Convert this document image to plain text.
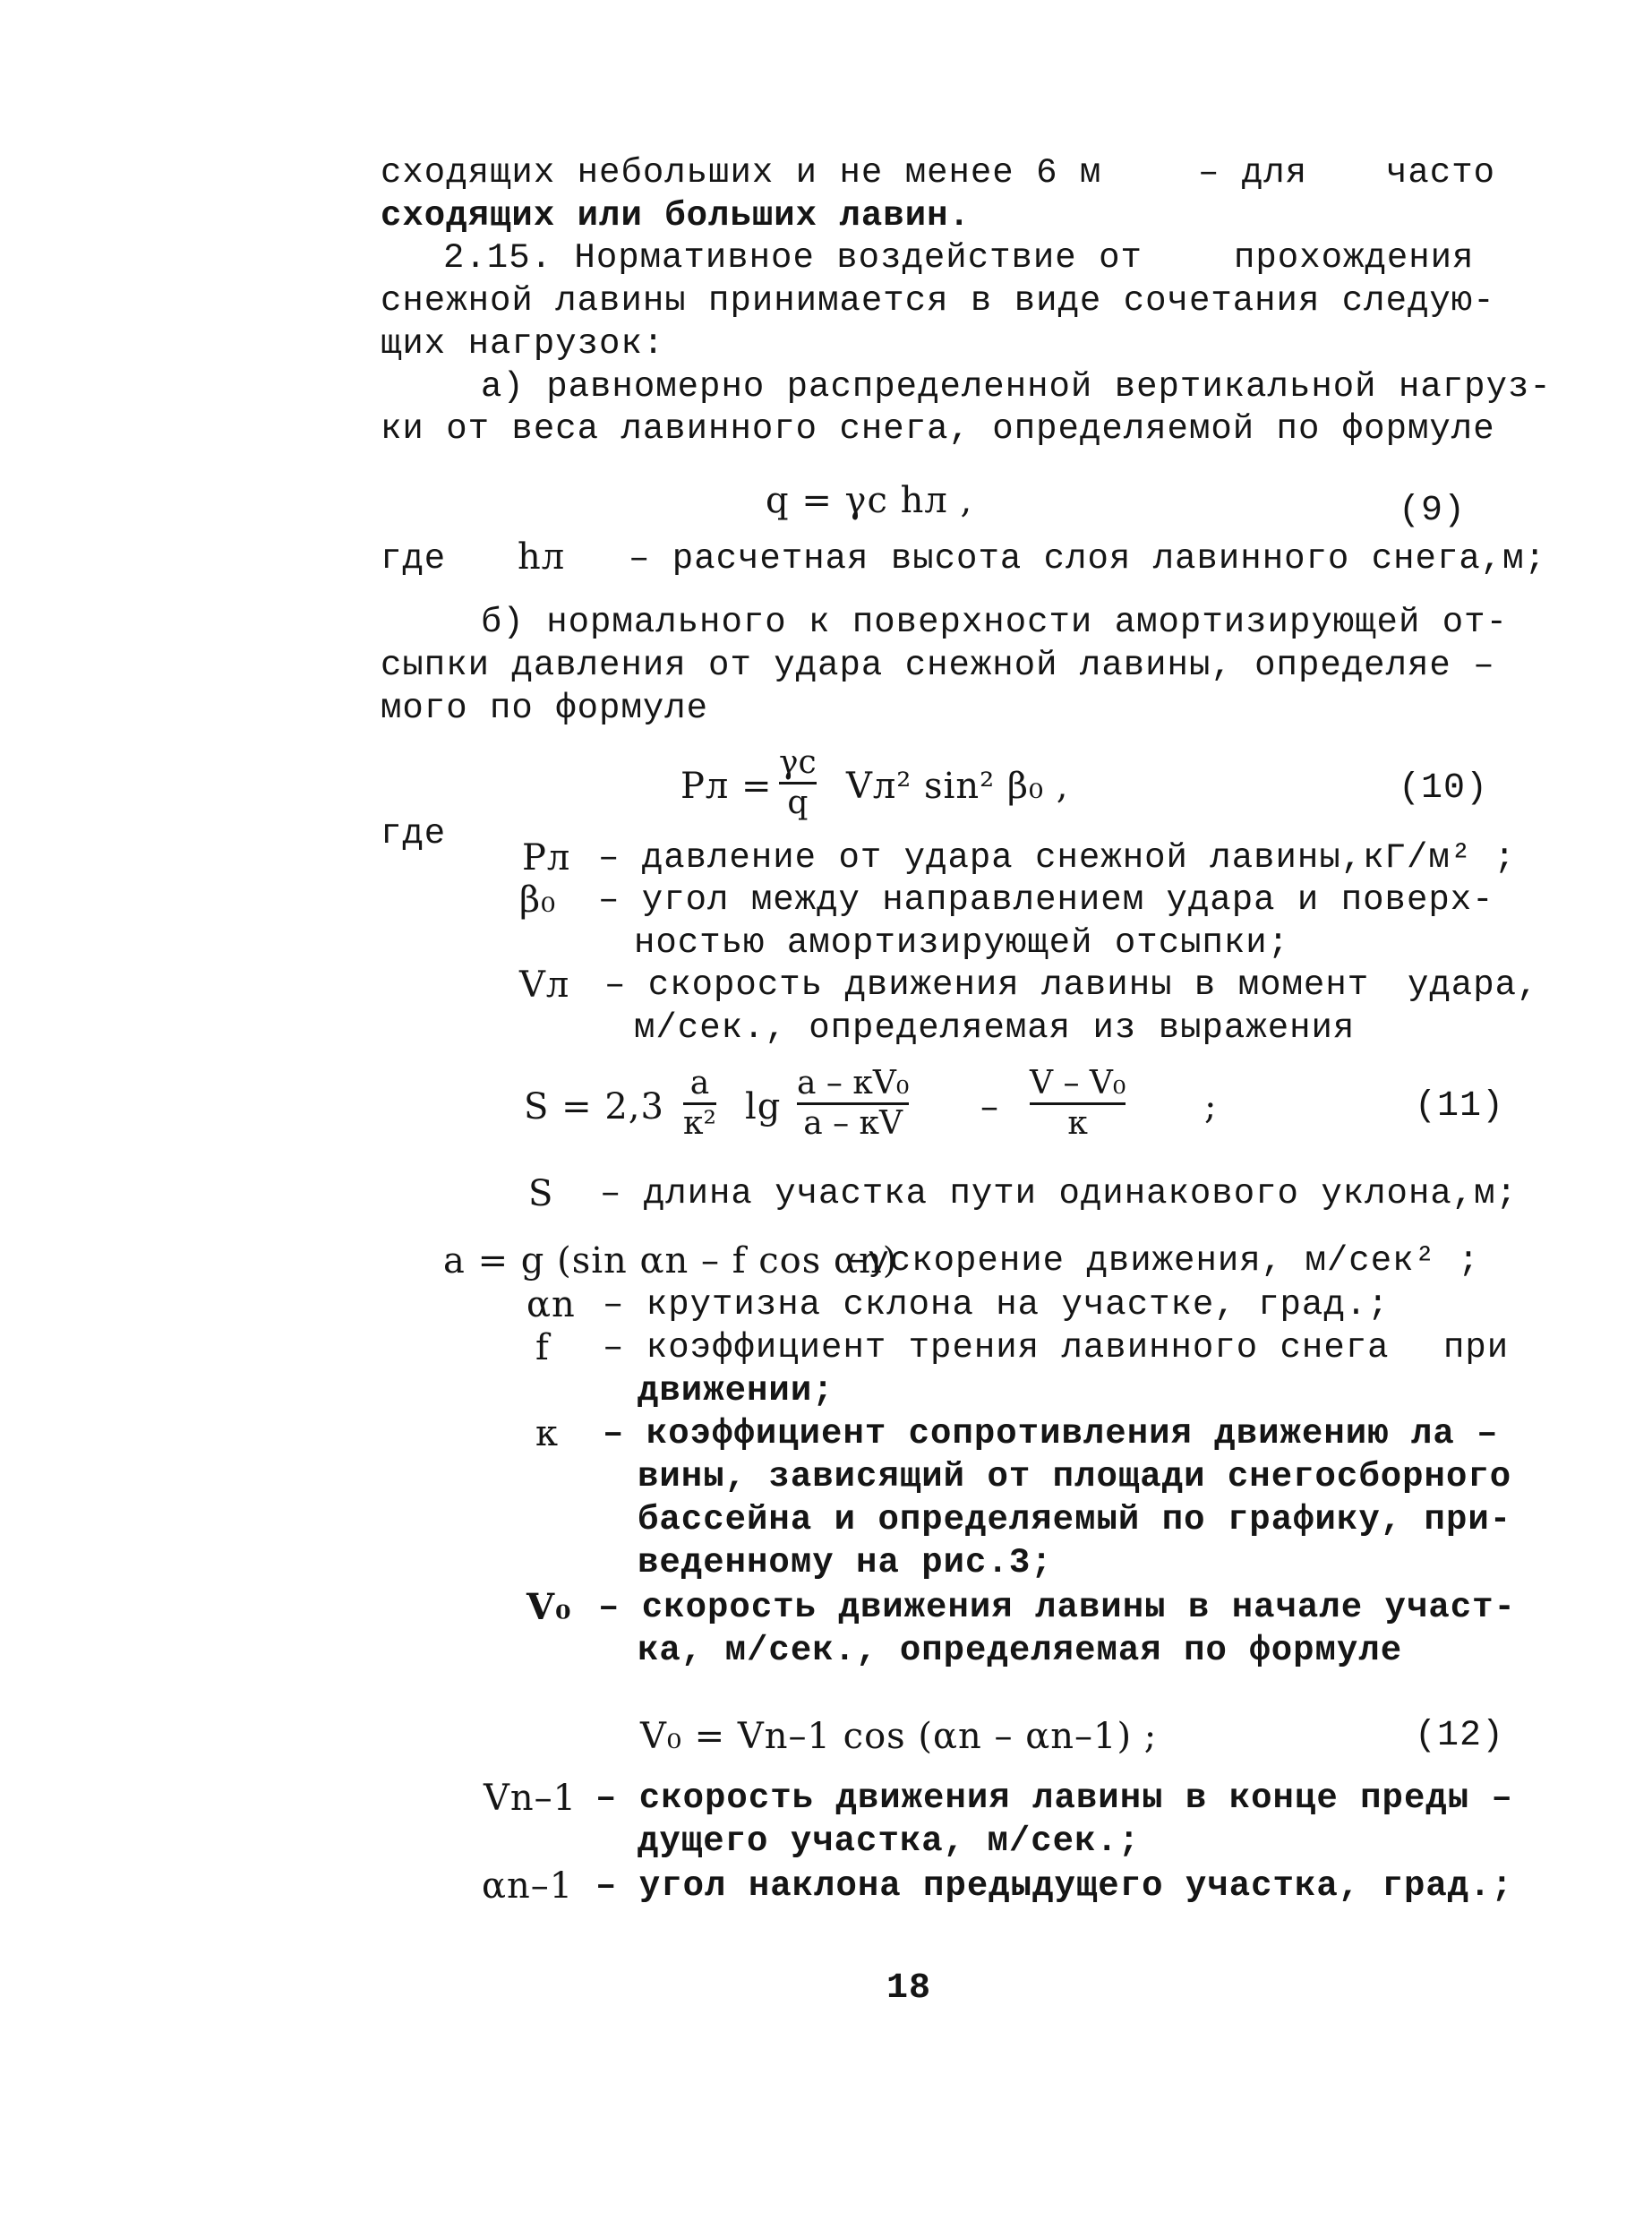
сходящих небольших и не менее 6 м	– для часто
сходящих или больших лавин.
2.15. Нормативное воздействие от	прохождения
снежной лавины принимается в виде сочетания следую-
щих нагрузок:
а) равномерно распределенной вертикальной нагруз-
ки от веса лавинного снега, определяемой по формуле
q = γc hл ,	(9)
где hл – расчетная высота слоя лавинного снега,м;
б) нормального к поверхности амортизирующей от-
сыпки давления от удара снежной лавины, определяе –
мого по формуле
Pл =
γc
q Vл² sin² β₀ ,	(10)
где
Pл – давление от удара снежной лавины,кГ/м² ;
β₀ – угол между направлением удара и поверх-
ностью амортизирующей отсыпки;
Vл – скорость движения лавины в момент удара,
м/сек., определяемая из выражения
S = 2,3
a
к² lg
a – кV₀
a – кV –
V – V₀
к	;	(11)
S – длина участка пути одинакового уклона,м;
a = g (sin αn – f cos αn)
–ускорение движения, м/сек² ;
αn – крутизна склона на участке, град.;
f – коэффициент трения лавинного снега при
движении;
к – коэффициент сопротивления движению ла –
вины, зависящий от площади снегосборного
бассейна и определяемый по графику, при-
веденному на рис.3;
V₀ – скорость движения лавины в начале участ-
ка, м/сек., определяемая по формуле
V₀ = Vn–1 cos (αn – αn–1) ;	(12)
Vn–1 – скорость движения лавины в конце преды –
дущего участка, м/сек.;
αn–1 – угол наклона предыдущего участка, град.;
18
